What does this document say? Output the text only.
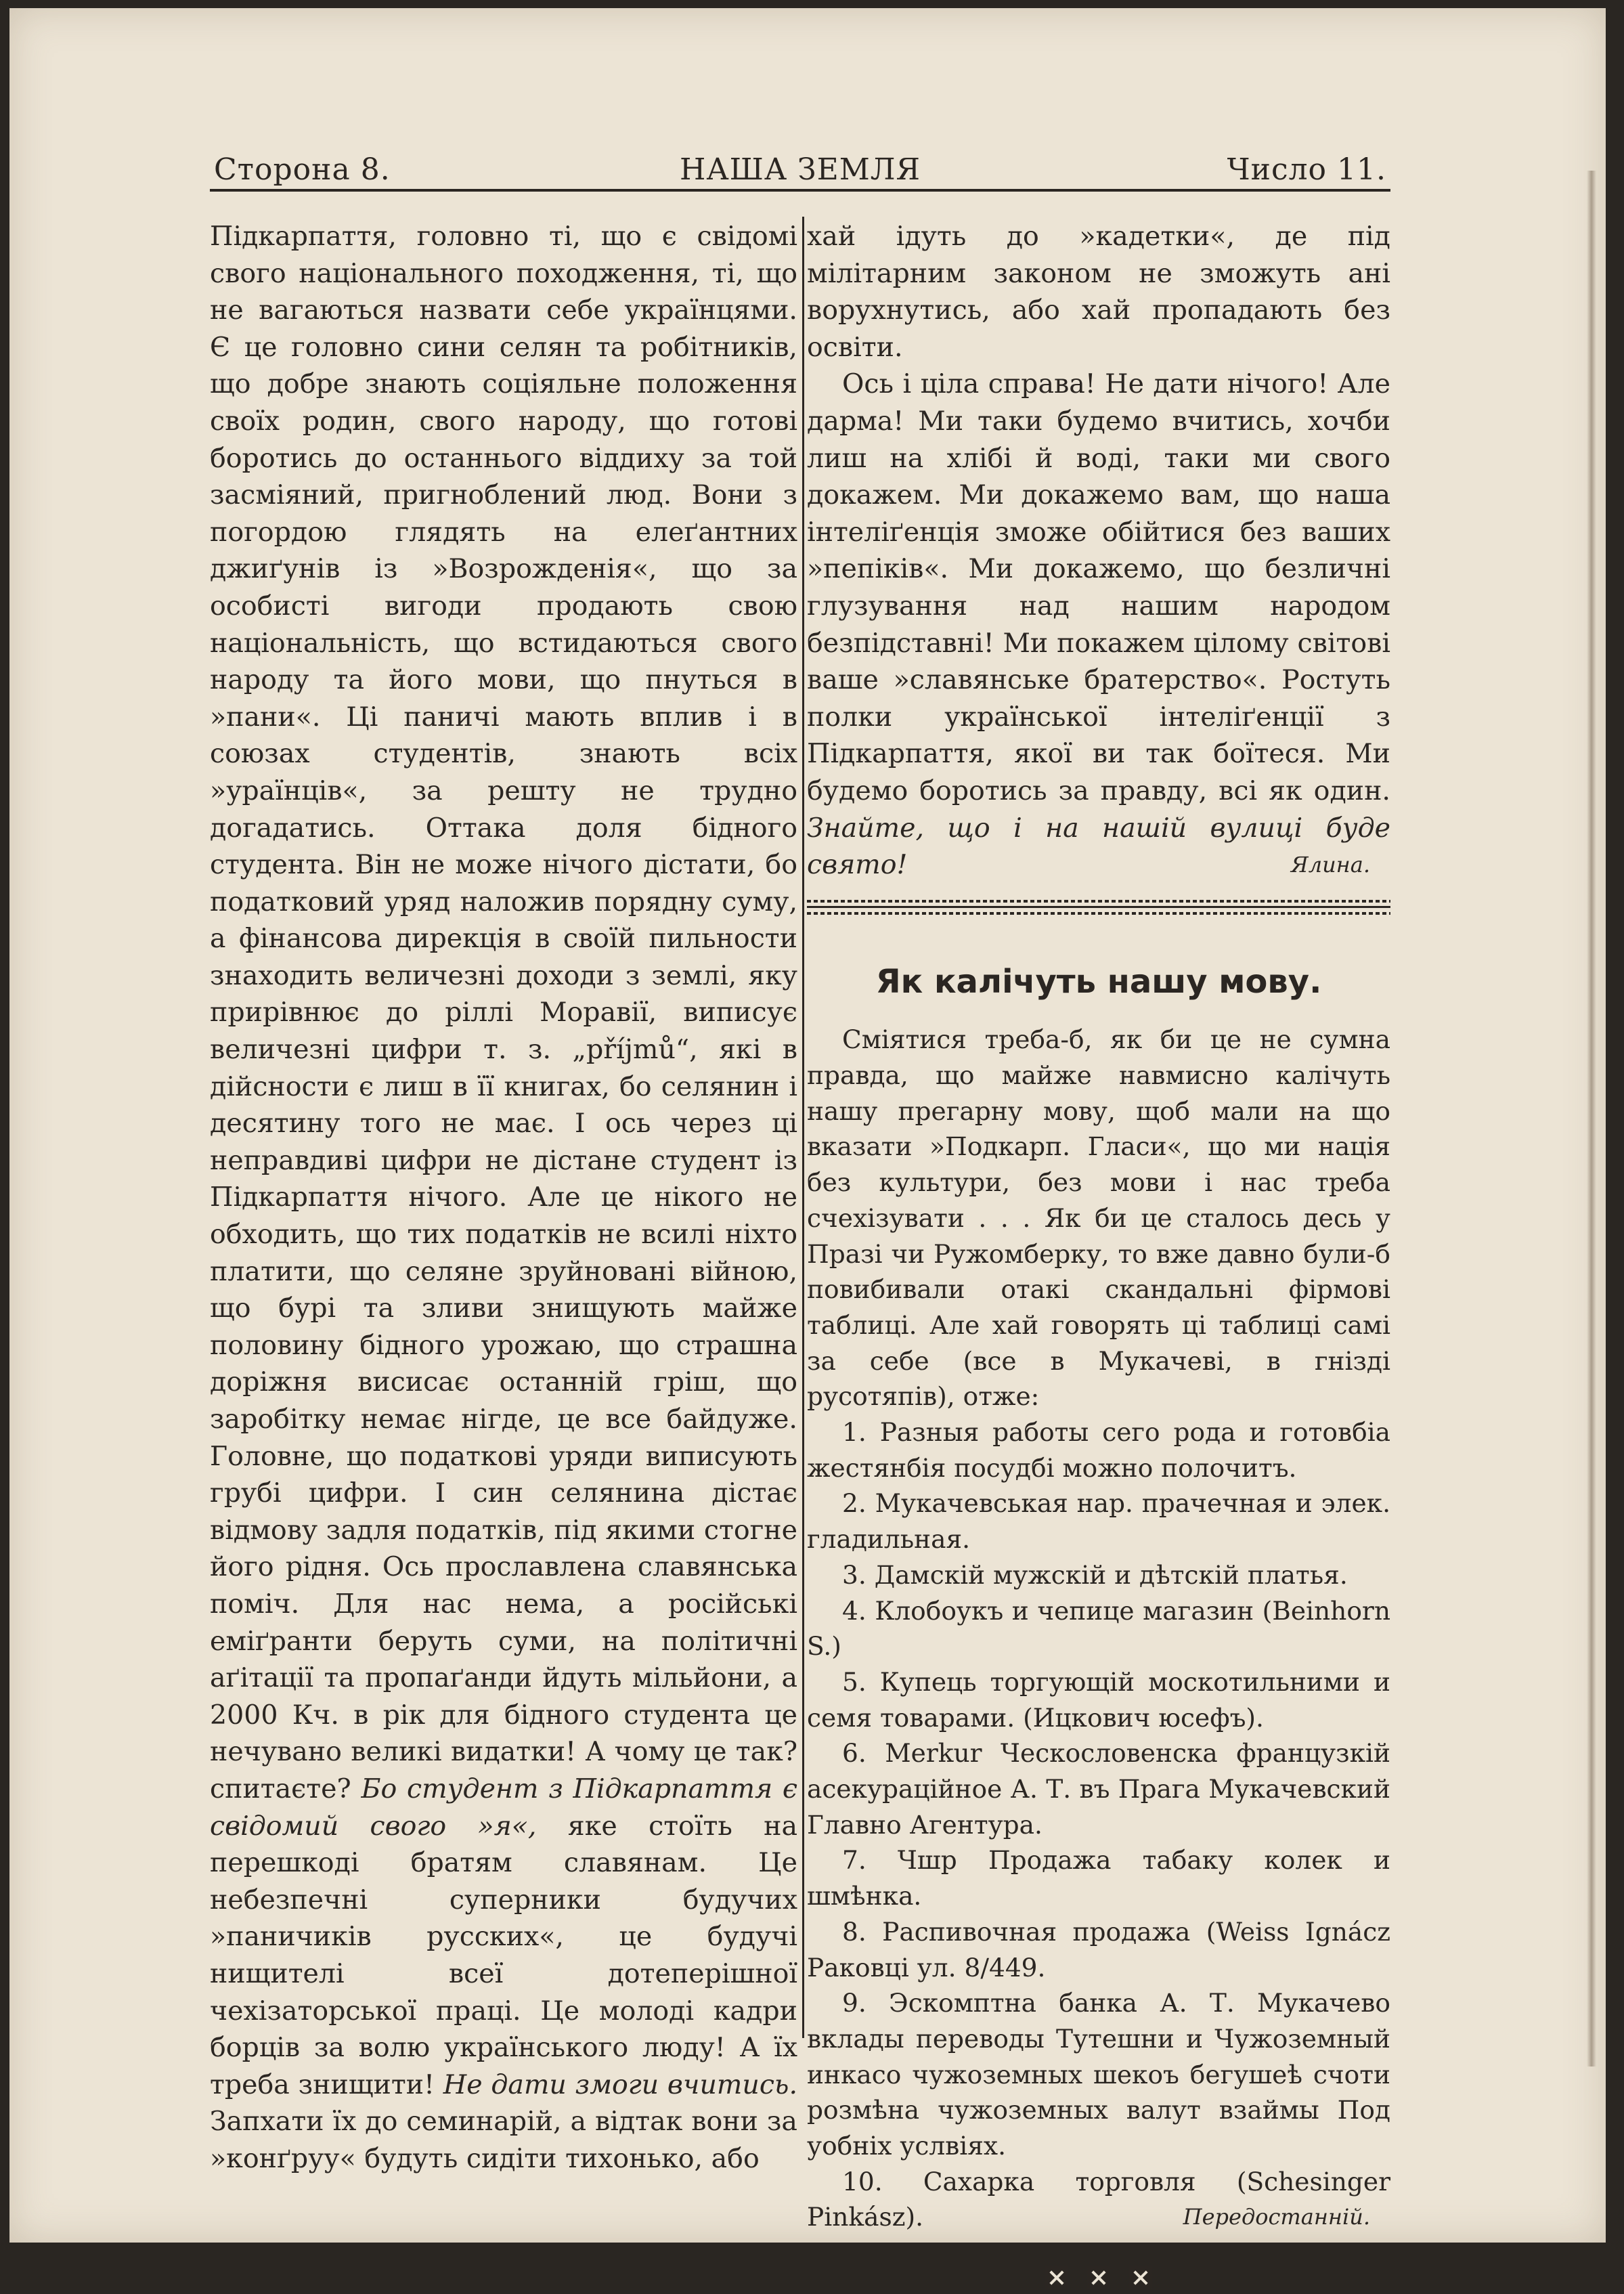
НАША ЗЕМЛЯ
Сторона 8.	Число 11.

Підкарпаття, головно ті, що є свідомі свого національного походження, ті, що не вагаються назвати себе українцями. Є це головно сини селян та робітників, що добре знають соціяльне положення своїх родин, свого народу, що готові боротись до останнього віддиху за той засміяний, пригноблений люд. Вони з погордою глядять на елеґантних джиґунів із »Возрожденія«, що за особисті вигоди продають свою національність, що встидаються свого народу та його мови, що пнуться в »пани«. Ці паничі мають вплив і в союзах студентів, знають всіх »ураїнців«, за решту не трудно догадатись. Оттака доля бідного студента. Він не може нічого дістати, бо податковий уряд наложив порядну суму, а фінансова дирекція в своїй пильности знаходить величезні доходи з землі, яку прирівнює до ріллі Моравії, виписує величезні цифри т. з. „příjmů“, які в дійсности є лиш в її книгах, бо селянин і десятину того не має. І ось через ці неправдиві цифри не дістане студент із Підкарпаття нічого. Але це нікого не обходить, що тих податків не всилі ніхто платити, що селяне зруйновані війною, що бурі та зливи знищують майже половину бідного урожаю, що страшна доріжня висисає останній гріш, що заробітку немає нігде, це все байдуже. Головне, що податкові уряди виписують грубі цифри. І син селянина дістає відмову задля податків, під якими стогне його рідня. Ось прославлена славянська поміч. Для нас нема, а російські еміґранти беруть суми, на політичні аґітації та пропаґанди йдуть мільйони, а 2000 Кч. в рік для бідного студента це нечувано великі видатки! А чому це так? спитаєте? Бо студент з Підкарпаття є свідомий свого »я«, яке стоїть на перешкоді братям славянам. Це небезпечні суперники будучих »паничиків русских«, це будучі нищителі всеї дотеперішної чехізаторської праці. Це молоді кадри борців за волю українського люду! А їх треба знищити! Не дати змоги вчитись. Запхати їх до семинарій, а відтак вони за »конґруу« будуть сидіти тихонько, або

хай ідуть до »кадетки«, де під мілітарним законом не зможуть ані ворухнутись, або хай пропадають без освіти.

Ось і ціла справа! Не дати нічого! Але дарма! Ми таки будемо вчитись, хочби лиш на хлібі й воді, таки ми свого докажем. Ми докажемо вам, що наша інтеліґенція зможе обійтися без ваших »пепіків«. Ми докажемо, що безличні глузування над нашим народом безпідставні! Ми покажем цілому світові ваше »славянське братерство«. Ростуть полки української інтеліґенції з Підкарпаття, якої ви так боїтеся. Ми будемо боротись за правду, всі як один. Знайте, що і на нашій вулиці буде свято!	Ялина.

Як калічуть нашу мову.

Сміятися треба-б, як би це не сумна правда, що майже навмисно калічуть нашу прегарну мову, щоб мали на що вказати »Подкарп. Гласи«, що ми нація без культури, без мови і нас треба счехізувати . . . Як би це сталось десь у Празі чи Ружомберку, то вже давно були-б повибивали отакі скандальні фірмові таблиці. Але хай говорять ці таблиці самі за себе (все в Мукачеві, в гнізді русотяпів), отже:

1. Разныя работы сего рода и готовбіа жестянбія посудбі можно полочитъ.

2. Мукачевськая нар. прачечная и элек. гладильная.

3. Дамскій мужскій и дѣтскій платья.

4. Клобоукъ и чепице магазин (Beinhorn S.)

5. Купець торгующій москотильними и семя товарами. (Ицкович юсефъ).

6. Merkur Ческословенска французкій асекурацiйное А. Т. въ Прага Мукачевский Главно Агентура.

7. Чшр Продажа табаку колек и шмѣнка.

8. Распивочная продажа (Weiss Ignácz Раковці ул. 8/449.

9. Эскомптна банка А. Т. Мукачево вклады переводы Тутешни и Чужоземный инкасо чужоземных шекоъ бегушеѣ счоти розмѣна чужоземных валут взаймы Под уобнiх услвіях.

10. Сахарка торговля (Schesinger Pinkász).	Передостанній.
